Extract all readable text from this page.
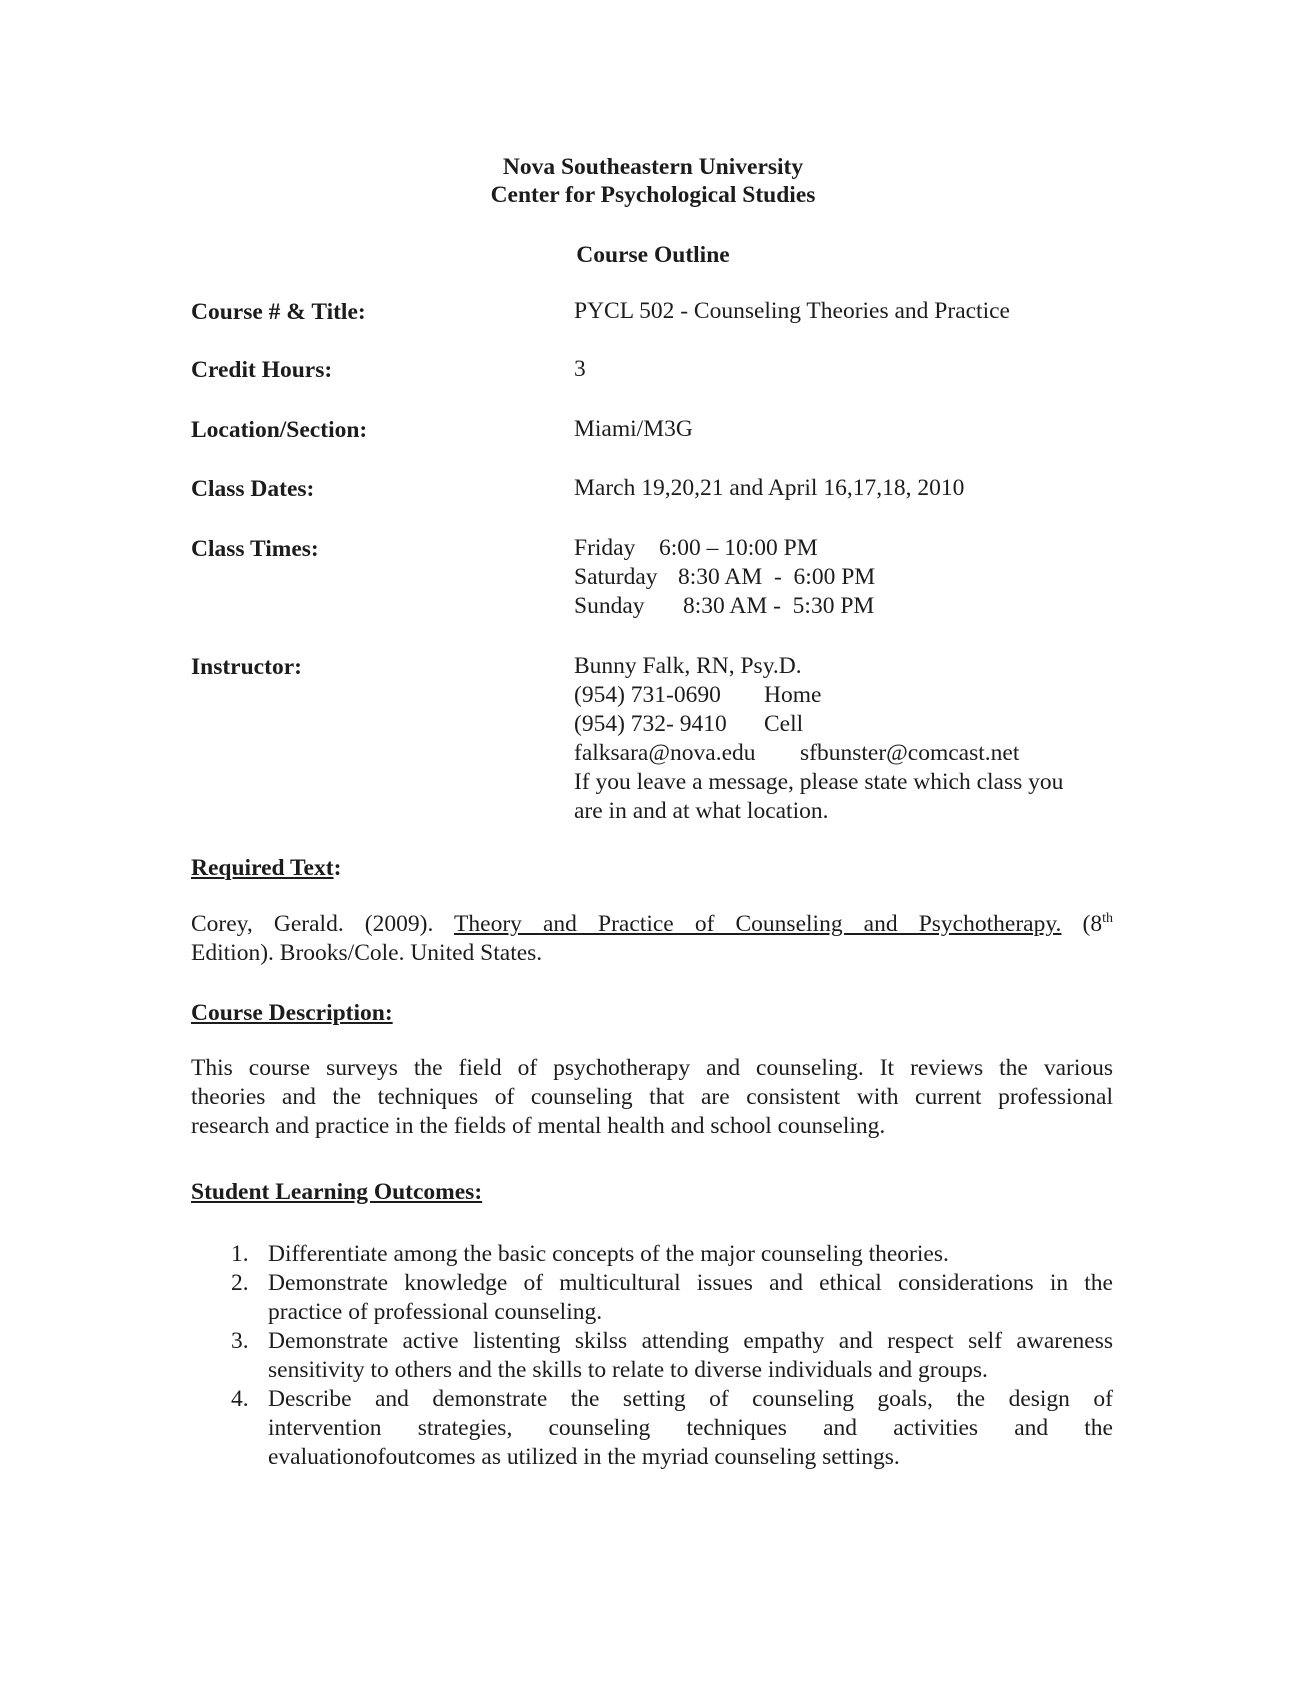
Nova Southeastern University
Center for Psychological Studies
Course Outline
Course # & Title:	PYCL 502 - Counseling Theories and Practice
Credit Hours:	3
Location/Section:	Miami/M3G
Class Dates:	March 19,20,21 and April 16,17,18, 2010
Class Times:	Friday 6:00 – 10:00 PM
Saturday 8:30 AM  -  6:00 PM
Sunday 8:30 AM -  5:30 PM
Instructor:	Bunny Falk, RN, Psy.D.
(954) 731-0690 Home
(954) 732- 9410 Cell
falksara@nova.edu sfbunster@comcast.net
If you leave a message, please state which class you
are in and at what location.
Required Text:
Corey, Gerald. (2009). Theory and Practice of Counseling and Psychotherapy. (8th
Edition). Brooks/Cole. United States.
Course Description:
This course surveys the field of psychotherapy and counseling. It reviews the various
theories and the techniques of counseling that are consistent with current professional
research and practice in the fields of mental health and school counseling.
Student Learning Outcomes:
1. Differentiate among the basic concepts of the major counseling theories.
2. Demonstrate knowledge of multicultural issues and ethical considerations in the
practice of professional counseling.
3. Demonstrate active listenting skilss attending empathy and respect self awareness
sensitivity to others and the skills to relate to diverse individuals and groups.
4. Describe and demonstrate the setting of counseling goals, the design of
intervention strategies, counseling techniques and activities and the
evaluationofoutcomes as utilized in the myriad counseling settings.
